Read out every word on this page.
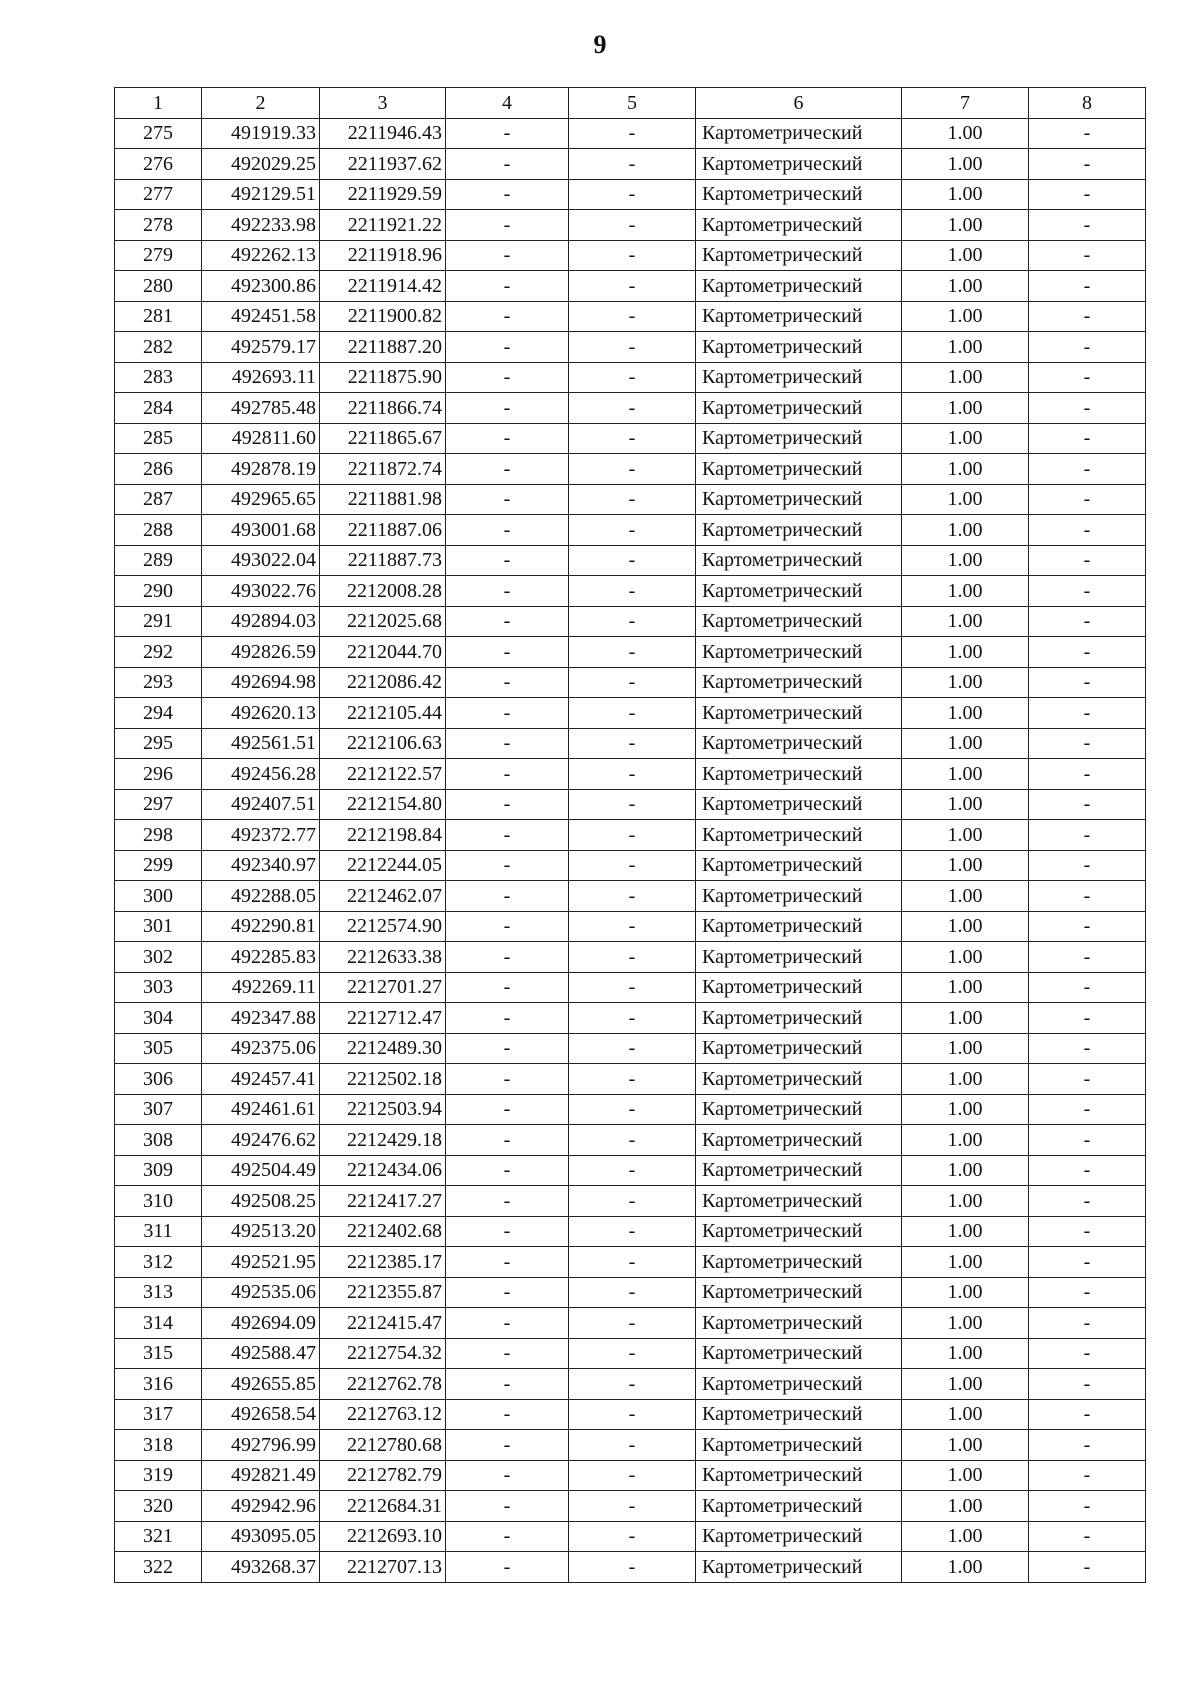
9
1	2	3	4	5	6	7	8
275	491919.33	2211946.43	-	-	Картометрический	1.00	-
276	492029.25	2211937.62	-	-	Картометрический	1.00	-
277	492129.51	2211929.59	-	-	Картометрический	1.00	-
278	492233.98	2211921.22	-	-	Картометрический	1.00	-
279	492262.13	2211918.96	-	-	Картометрический	1.00	-
280	492300.86	2211914.42	-	-	Картометрический	1.00	-
281	492451.58	2211900.82	-	-	Картометрический	1.00	-
282	492579.17	2211887.20	-	-	Картометрический	1.00	-
283	492693.11	2211875.90	-	-	Картометрический	1.00	-
284	492785.48	2211866.74	-	-	Картометрический	1.00	-
285	492811.60	2211865.67	-	-	Картометрический	1.00	-
286	492878.19	2211872.74	-	-	Картометрический	1.00	-
287	492965.65	2211881.98	-	-	Картометрический	1.00	-
288	493001.68	2211887.06	-	-	Картометрический	1.00	-
289	493022.04	2211887.73	-	-	Картометрический	1.00	-
290	493022.76	2212008.28	-	-	Картометрический	1.00	-
291	492894.03	2212025.68	-	-	Картометрический	1.00	-
292	492826.59	2212044.70	-	-	Картометрический	1.00	-
293	492694.98	2212086.42	-	-	Картометрический	1.00	-
294	492620.13	2212105.44	-	-	Картометрический	1.00	-
295	492561.51	2212106.63	-	-	Картометрический	1.00	-
296	492456.28	2212122.57	-	-	Картометрический	1.00	-
297	492407.51	2212154.80	-	-	Картометрический	1.00	-
298	492372.77	2212198.84	-	-	Картометрический	1.00	-
299	492340.97	2212244.05	-	-	Картометрический	1.00	-
300	492288.05	2212462.07	-	-	Картометрический	1.00	-
301	492290.81	2212574.90	-	-	Картометрический	1.00	-
302	492285.83	2212633.38	-	-	Картометрический	1.00	-
303	492269.11	2212701.27	-	-	Картометрический	1.00	-
304	492347.88	2212712.47	-	-	Картометрический	1.00	-
305	492375.06	2212489.30	-	-	Картометрический	1.00	-
306	492457.41	2212502.18	-	-	Картометрический	1.00	-
307	492461.61	2212503.94	-	-	Картометрический	1.00	-
308	492476.62	2212429.18	-	-	Картометрический	1.00	-
309	492504.49	2212434.06	-	-	Картометрический	1.00	-
310	492508.25	2212417.27	-	-	Картометрический	1.00	-
311	492513.20	2212402.68	-	-	Картометрический	1.00	-
312	492521.95	2212385.17	-	-	Картометрический	1.00	-
313	492535.06	2212355.87	-	-	Картометрический	1.00	-
314	492694.09	2212415.47	-	-	Картометрический	1.00	-
315	492588.47	2212754.32	-	-	Картометрический	1.00	-
316	492655.85	2212762.78	-	-	Картометрический	1.00	-
317	492658.54	2212763.12	-	-	Картометрический	1.00	-
318	492796.99	2212780.68	-	-	Картометрический	1.00	-
319	492821.49	2212782.79	-	-	Картометрический	1.00	-
320	492942.96	2212684.31	-	-	Картометрический	1.00	-
321	493095.05	2212693.10	-	-	Картометрический	1.00	-
322	493268.37	2212707.13	-	-	Картометрический	1.00	-
